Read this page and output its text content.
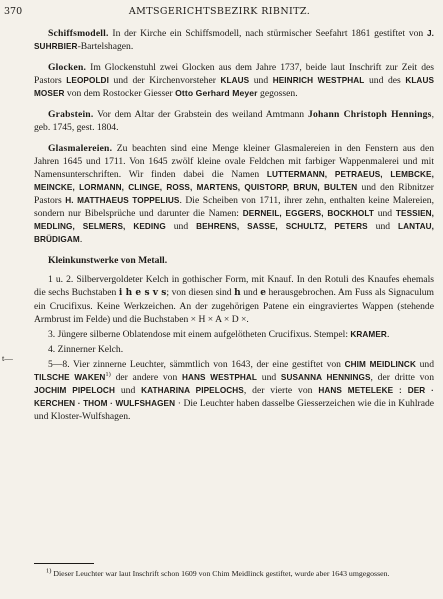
370	AMTSGERICHTSBEZIRK RIBNITZ.

Schiffsmodell. In der Kirche ein Schiffsmodell, nach stürmischer Seefahrt 1861 gestiftet von J. SUHRBIER-Bartelshagen.

Glocken. Im Glockenstuhl zwei Glocken aus dem Jahre 1737, beide laut Inschrift zur Zeit des Pastors LEOPOLDI und der Kirchenvorsteher KLAUS und HEINRICH WESTPHAL und des KLAUS MOSER von dem Rostocker Giesser Otto Gerhard Meyer gegossen.

Grabstein. Vor dem Altar der Grabstein des weiland Amtmann Johann Christoph Hennings, geb. 1745, gest. 1804.

Glasmalereien. Zu beachten sind eine Menge kleiner Glasmalereien in den Fenstern aus den Jahren 1645 und 1711. Von 1645 zwölf kleine ovale Feldchen mit farbiger Wappenmalerei und mit Namensunterschriften. Wir finden dabei die Namen LUTTERMANN, PETRAEUS, LEMBCKE, MEINCKE, LORMANN, CLINGE, ROSS, MARTENS, QUISTORP, BRUN, BULTEN und den Ribnitzer Pastors H. MATTHAEUS TOPPELIUS. Die Scheiben von 1711, ihrer zehn, enthalten keine Malereien, sondern nur Bibelsprüche und darunter die Namen: DERNEIL, EGGERS, BOCKHOLT und TESSIEN, MEDLING, SELMERS, KEDING und BEHRENS, SASSE, SCHULTZ, PETERS und LANTAU, BRÜDIGAM.

Kleinkunstwerke von Metall.

1 u. 2. Silbervergoldeter Kelch in gothischer Form, mit Knauf. In den Rotuli des Knaufes ehemals die sechs Buchstaben i h e s v s; von diesen sind h und e herausgebrochen. Am Fuss als Signaculum ein Crucifixus. Keine Werkzeichen. An der zugehörigen Patene ein eingraviertes Wappen (stehende Armbrust im Felde) und die Buchstaben × H × A × D ×.

3. Jüngere silberne Oblatendose mit einem aufgelötheten Crucifixus. Stempel: KRAMER.

4. Zinnerner Kelch.

5—8. Vier zinnerne Leuchter, sämmtlich von 1643, der eine gestiftet von CHIM MEIDLINCK und TILSCHE WAKEN$^{1)}$ der andere von HANS WESTPHAL und SUSANNA HENNINGS, der dritte von JOCHIM PIPELOCH und KATHARINA PIPELOCHS, der vierte von HANS METELEKE : DER · KERCHEN · THOM · WULFSHAGEN · Die Leuchter haben dasselbe Giesserzeichen wie die in Kuhlrade und Kloster-Wulfshagen.

t—
$^{1)}$ Dieser Leuchter war laut Inschrift schon 1609 von Chim Meidlinck gestiftet, wurde aber 1643 umgegossen.
